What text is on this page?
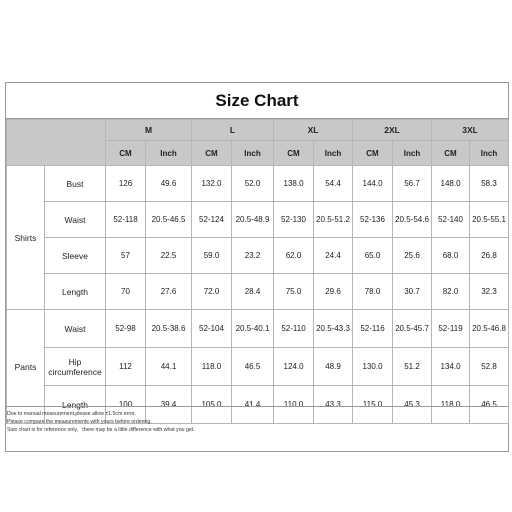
Size Chart
		M		L		XL		2XL		3XL	
		CM	Inch	CM	Inch	CM	Inch	CM	Inch	CM	Inch
Shirts	Bust	126	49.6	132.0	52.0	138.0	54.4	144.0	56.7	148.0	58.3
	Waist	52-118	20.5-46.5	52-124	20.5-48.9	52-130	20.5-51.2	52-136	20.5-54.6	52-140	20.5-55.1
	Sleeve	57	22.5	59.0	23.2	62.0	24.4	65.0	25.6	68.0	26.8
	Length	70	27.6	72.0	28.4	75.0	29.6	78.0	30.7	82.0	32.3
Pants	Waist	52-98	20.5-38.6	52-104	20.5-40.1	52-110	20.5-43.3	52-116	20.5-45.7	52-119	20.5-46.8
	Hip circumference	112	44.1	118.0	46.5	124.0	48.9	130.0	51.2	134.0	52.8
	Length	100	39.4	105.0	41.4	110.0	43.3	115.0	45.3	118.0	46.5
Due to manual measurement,please allow ±1.5cm error.
Please compare the measurements with yours before ordering.
Size chart is for reference only，there may be a little difference with what you get.
